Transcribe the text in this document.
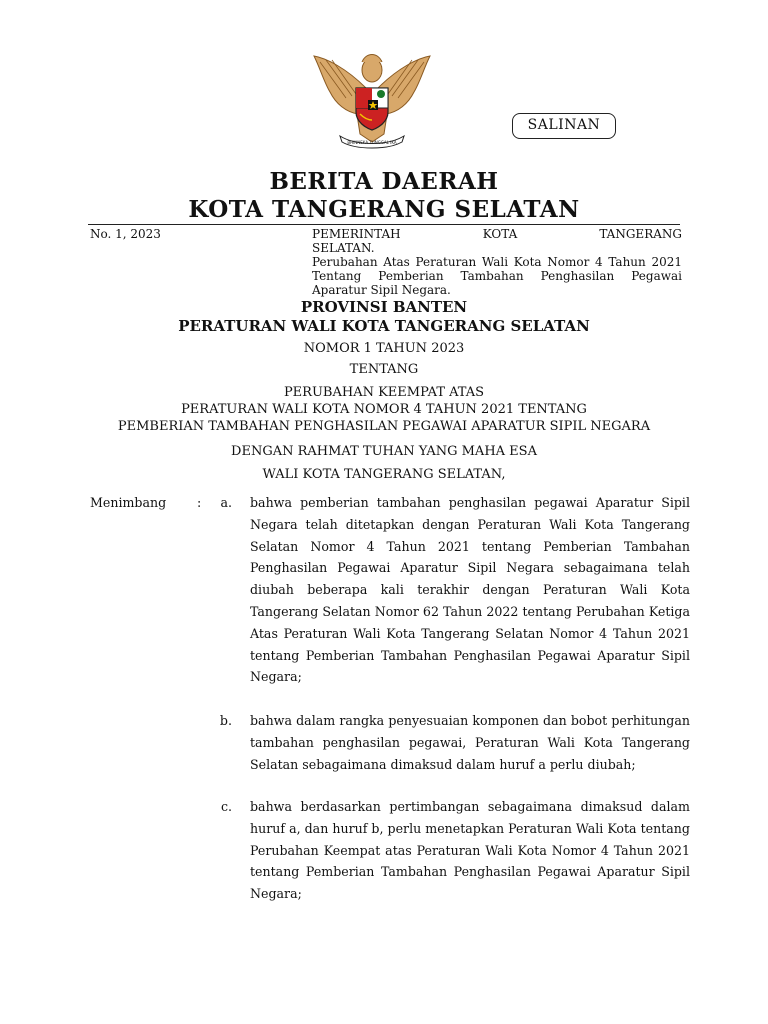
BHINNEKA TUNGGAL IKA
SALINAN
BERITA DAERAH
KOTA TANGERANG SELATAN
No. 1, 2023	PEMERINTAH	KOTA	TANGERANG
SELATAN.
Perubahan Atas Peraturan Wali Kota Nomor 4 Tahun 2021 Tentang Pemberian Tambahan Penghasilan Pegawai Aparatur Sipil Negara.
PROVINSI BANTEN
PERATURAN WALI KOTA TANGERANG SELATAN
NOMOR 1 TAHUN 2023
TENTANG
PERUBAHAN KEEMPAT ATAS
PERATURAN WALI KOTA NOMOR 4 TAHUN 2021 TENTANG
PEMBERIAN TAMBAHAN PENGHASILAN PEGAWAI APARATUR SIPIL NEGARA
DENGAN RAHMAT TUHAN YANG MAHA ESA
WALI KOTA TANGERANG SELATAN,
Menimbang :	a. bahwa pemberian tambahan penghasilan pegawai Aparatur Sipil Negara telah ditetapkan dengan Peraturan Wali Kota Tangerang Selatan Nomor 4 Tahun 2021 tentang Pemberian Tambahan Penghasilan Pegawai Aparatur Sipil Negara sebagaimana telah diubah beberapa kali terakhir dengan Peraturan Wali Kota Tangerang Selatan Nomor 62 Tahun 2022 tentang Perubahan Ketiga Atas Peraturan Wali Kota Tangerang Selatan Nomor 4 Tahun 2021 tentang Pemberian Tambahan Penghasilan Pegawai Aparatur Sipil Negara;
b. bahwa dalam rangka penyesuaian komponen dan bobot perhitungan tambahan penghasilan pegawai, Peraturan Wali Kota Tangerang Selatan sebagaimana dimaksud dalam huruf a perlu diubah;
c. bahwa berdasarkan pertimbangan sebagaimana dimaksud dalam huruf a, dan huruf b, perlu menetapkan Peraturan Wali Kota tentang Perubahan Keempat atas Peraturan Wali Kota Nomor 4 Tahun 2021 tentang Pemberian Tambahan Penghasilan Pegawai Aparatur Sipil Negara;
